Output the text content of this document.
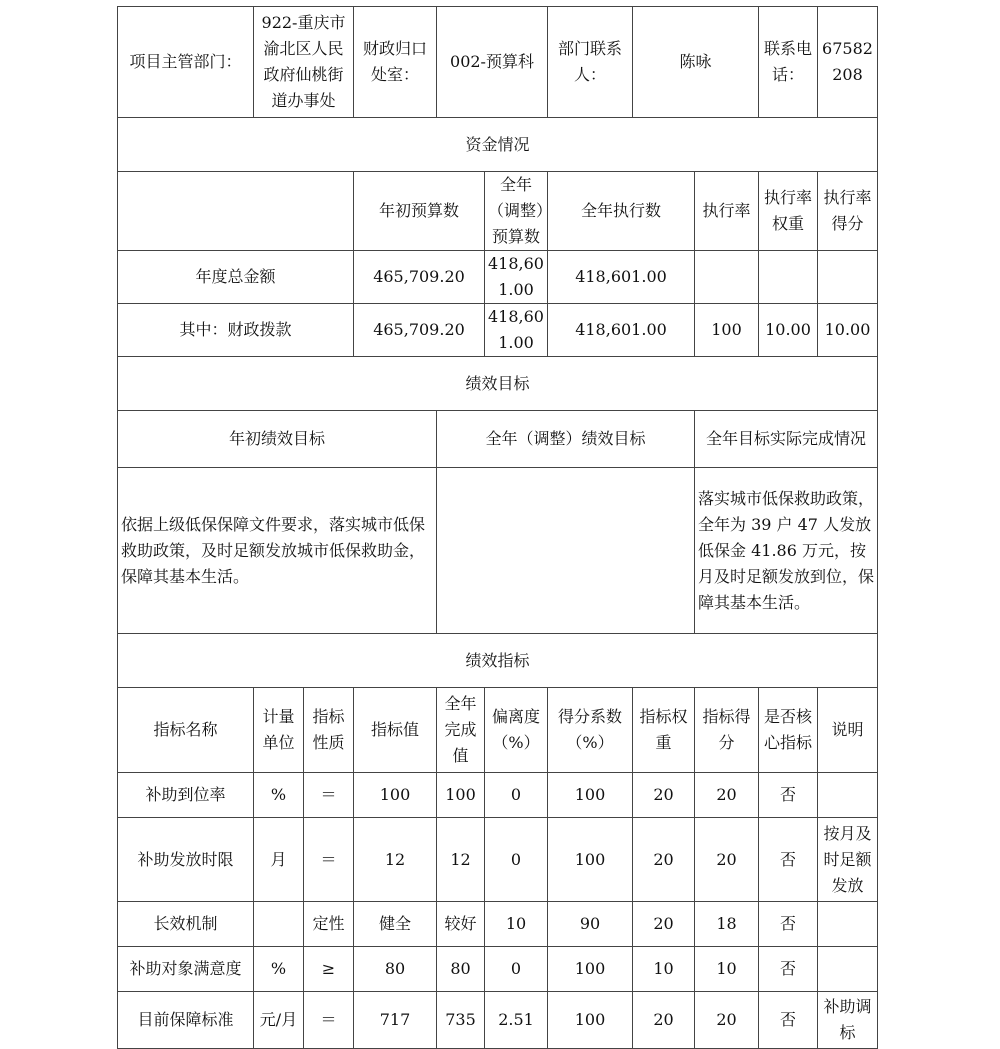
项目主管部门：	922-重庆市渝北区人民政府仙桃街道办事处		财政归口处室：	002-预算科		部门联系人：	陈咏		联系电话：	67582208
资金情况										
			年初预算数		全年（调整）预算数	全年执行数		执行率	执行率权重	执行率得分
年度总金额			465,709.20		418,601.00	418,601.00				
其中：财政拨款			465,709.20		418,601.00	418,601.00		100	10.00	10.00
绩效目标										
年初绩效目标				全年（调整）绩效目标				全年目标实际完成情况		
依据上级低保保障文件要求，落实城市低保救助政策，及时足额发放城市低保救助金，保障其基本生活。								落实城市低保救助政策，全年为 39 户 47 人发放低保金 41.86 万元，按月及时足额发放到位，保障其基本生活。		
绩效指标										
指标名称	计量单位	指标性质	指标值	全年完成值	偏离度（%）	得分系数（%）	指标权重	指标得分	是否核心指标	说明
补助到位率	%	＝	100	100	0	100	20	20	否	
补助发放时限	月	＝	12	12	0	100	20	20	否	按月及时足额发放
长效机制		定性	健全	较好	10	90	20	18	否	
补助对象满意度	%	≥	80	80	0	100	10	10	否	
目前保障标准	元/月	＝	717	735	2.51	100	20	20	否	补助调标
